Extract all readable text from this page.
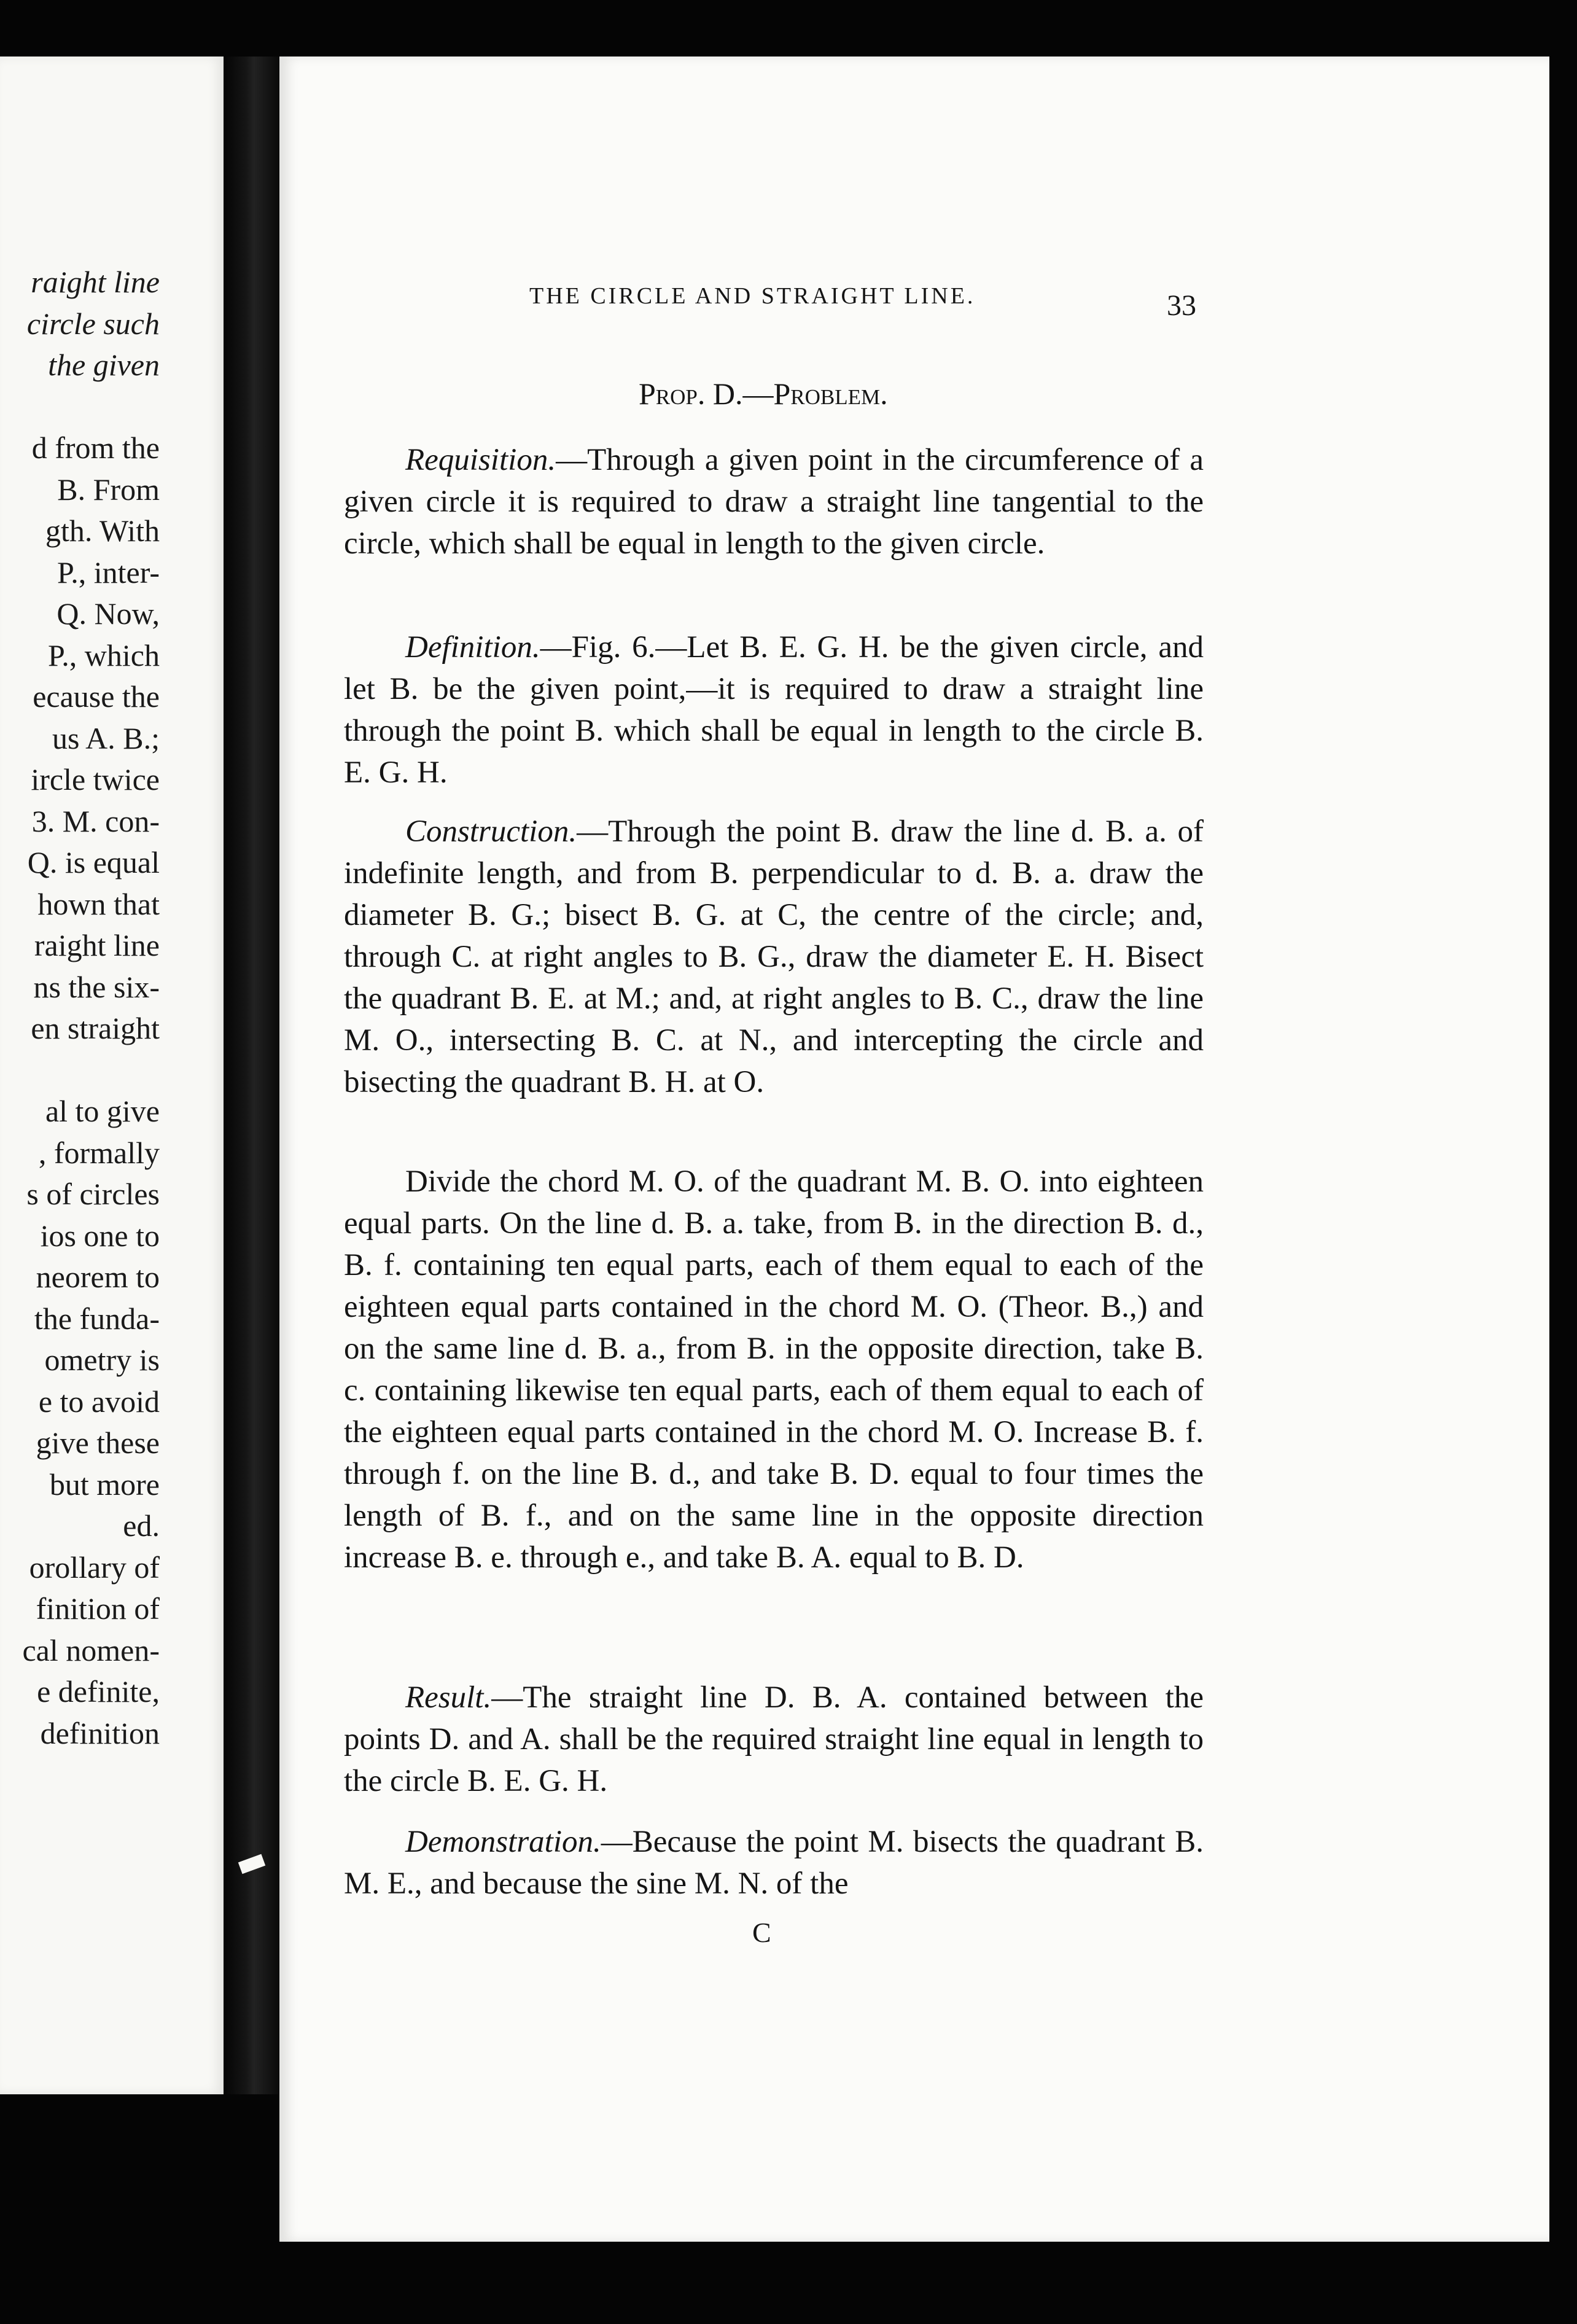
raight line
circle such
the given
d from the
B. From
gth. With
P., inter-
Q. Now,
P., which
ecause the
us A. B.;
ircle twice
3. M. con-
Q. is equal
hown that
raight line
ns the six-
en straight
al to give
, formally
s of circles
ios one to
neorem to
the funda-
ometry is
e to avoid
give these
but more
ed.
orollary of
finition of
cal nomen-
e definite,
definition
THE CIRCLE AND STRAIGHT LINE.	33
Prop. D.—Problem.
Requisition.—Through a given point in the circumference of a given circle it is required to draw a straight line tangential to the circle, which shall be equal in length to the given circle.
Definition.—Fig. 6.—Let B. E. G. H. be the given circle, and let B. be the given point,—it is required to draw a straight line through the point B. which shall be equal in length to the circle B. E. G. H.
Construction.—Through the point B. draw the line d. B. a. of indefinite length, and from B. perpendicular to d. B. a. draw the diameter B. G.; bisect B. G. at C, the centre of the circle; and, through C. at right angles to B. G., draw the diameter E. H. Bisect the quadrant B. E. at M.; and, at right angles to B. C., draw the line M. O., intersecting B. C. at N., and intercepting the circle and bisecting the quadrant B. H. at O.
Divide the chord M. O. of the quadrant M. B. O. into eighteen equal parts. On the line d. B. a. take, from B. in the direction B. d., B. f. containing ten equal parts, each of them equal to each of the eighteen equal parts contained in the chord M. O. (Theor. B.,) and on the same line d. B. a., from B. in the opposite direction, take B. c. containing likewise ten equal parts, each of them equal to each of the eighteen equal parts contained in the chord M. O. Increase B. f. through f. on the line B. d., and take B. D. equal to four times the length of B. f., and on the same line in the opposite direction increase B. e. through e., and take B. A. equal to B. D.
Result.—The straight line D. B. A. contained between the points D. and A. shall be the required straight line equal in length to the circle B. E. G. H.
Demonstration.—Because the point M. bisects the quadrant B. M. E., and because the sine M. N. of the
C
